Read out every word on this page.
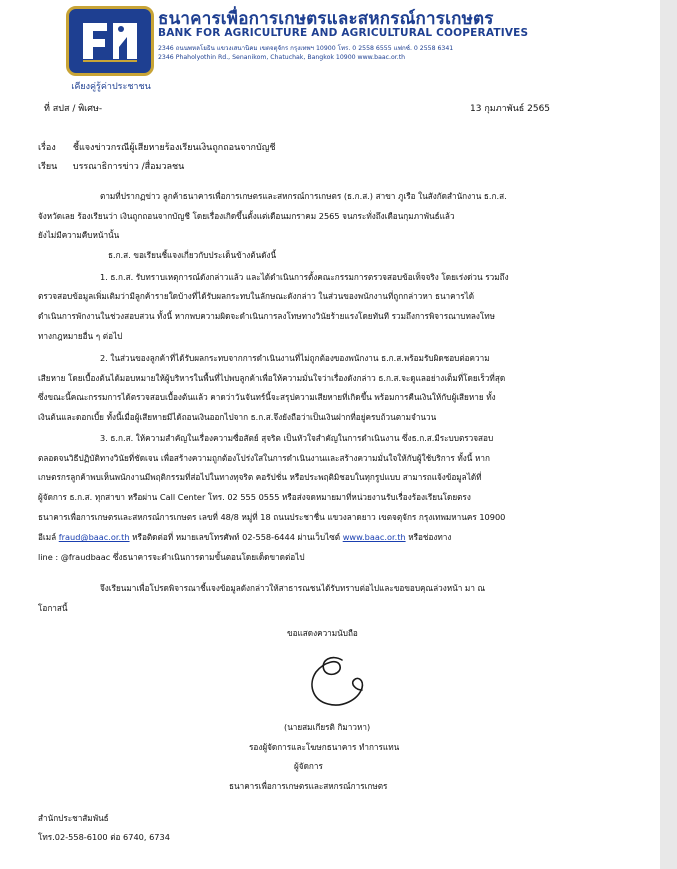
เคียงคู่รู้ค่าประชาชน
ธนาคารเพื่อการเกษตรและสหกรณ์การเกษตร
BANK FOR AGRICULTURE AND AGRICULTURAL COOPERATIVES
2346 ถนนพหลโยธิน แขวงเสนานิคม เขตจตุจักร กรุงเทพฯ 10900 โทร. 0 2558 6555 แฟกซ์. 0 2558 6341
2346 Phaholyothin Rd., Senanikom, Chatuchak, Bangkok 10900 www.baac.or.th
ที่ สปส / พิเศษ-	13 กุมภาพันธ์ 2565
เรื่อง ชี้แจงข่าวกรณีผู้เสียหายร้องเรียนเงินถูกถอนจากบัญชี
เรียน บรรณาธิการข่าว /สื่อมวลชน
ตามที่ปรากฏข่าว ลูกค้าธนาคารเพื่อการเกษตรและสหกรณ์การเกษตร (ธ.ก.ส.) สาขา ภูเรือ ในสังกัดสำนักงาน ธ.ก.ส.
จังหวัดเลย ร้องเรียนว่า เงินถูกถอนจากบัญชี โดยเรื่องเกิดขึ้นตั้งแต่เดือนมกราคม 2565 จนกระทั่งถึงเดือนกุมภาพันธ์แล้ว
ยังไม่มีความคืบหน้านั้น
ธ.ก.ส. ขอเรียนชี้แจงเกี่ยวกับประเด็นข้างต้นดังนี้
1. ธ.ก.ส. รับทราบเหตุการณ์ดังกล่าวแล้ว และได้ดำเนินการตั้งคณะกรรมการตรวจสอบข้อเท็จจริง โดยเร่งด่วน รวมถึง
ตรวจสอบข้อมูลเพิ่มเติมว่ามีลูกค้ารายใดบ้างที่ได้รับผลกระทบในลักษณะดังกล่าว ในส่วนของพนักงานที่ถูกกล่าวหา ธนาคารได้
ดำเนินการพักงานในช่วงสอบสวน ทั้งนี้ หากพบความผิดจะดำเนินการลงโทษทางวินัยร้ายแรงโดยทันที รวมถึงการพิจารณาบทลงโทษ
ทางกฎหมายอื่น ๆ ต่อไป
2. ในส่วนของลูกค้าที่ได้รับผลกระทบจากการดำเนินงานที่ไม่ถูกต้องของพนักงาน ธ.ก.ส.พร้อมรับผิดชอบต่อความ
เสียหาย โดยเบื้องต้นได้มอบหมายให้ผู้บริหารในพื้นที่ไปพบลูกค้าเพื่อให้ความมั่นใจว่าเรื่องดังกล่าว ธ.ก.ส.จะดูแลอย่างเต็มที่โดยเร็วที่สุด
ซึ่งขณะนี้คณะกรรมการได้ตรวจสอบเบื้องต้นแล้ว คาดว่าวันจันทร์นี้จะสรุปความเสียหายที่เกิดขึ้น พร้อมการคืนเงินให้กับผู้เสียหาย ทั้ง
เงินต้นและดอกเบี้ย ทั้งนี้เมื่อผู้เสียหายมีได้ถอนเงินออกไปจาก ธ.ก.ส.จึงยังถือว่าเป็นเงินฝากที่อยู่ครบถ้วนตามจำนวน
3. ธ.ก.ส. ให้ความสำคัญในเรื่องความซื่อสัตย์ สุจริต เป็นหัวใจสำคัญในการดำเนินงาน ซึ่งธ.ก.ส.มีระบบตรวจสอบ
ตลอดจนวิธีปฏิบัติทางวินัยที่ชัดเจน เพื่อสร้างความถูกต้องโปร่งใสในการดำเนินงานและสร้างความมั่นใจให้กับผู้ใช้บริการ ทั้งนี้ หาก
เกษตรกรลูกค้าพบเห็นพนักงานมีพฤติกรรมที่ส่อไปในทางทุจริต คอรัปชั่น หรือประพฤติมิชอบในทุกรูปแบบ สามารถแจ้งข้อมูลได้ที่
ผู้จัดการ ธ.ก.ส. ทุกสาขา หรือผ่าน Call Center โทร. 02 555 0555 หรือส่งจดหมายมาที่หน่วยงานรับเรื่องร้องเรียนโดยตรง
ธนาคารเพื่อการเกษตรและสหกรณ์การเกษตร เลขที่ 48/8 หมู่ที่ 18 ถนนประชาชื่น แขวงลาดยาว เขตจตุจักร กรุงเทพมหานคร 10900
อีเมล์ fraud@baac.or.th หรือติดต่อที่ หมายเลขโทรศัพท์ 02-558-6444 ผ่านเว็บไซต์ www.baac.or.th หรือช่องทาง
line : @fraudbaac ซึ่งธนาคารจะดำเนินการตามขั้นตอนโดยเด็ดขาดต่อไป
จึงเรียนมาเพื่อโปรดพิจารณาชี้แจงข้อมูลดังกล่าวให้สาธารณชนได้รับทราบต่อไปและขอขอบคุณล่วงหน้า มา ณ
โอกาสนี้
ขอแสดงความนับถือ
(นายสมเกียรติ กิมาวหา)
รองผู้จัดการและโฆษกธนาคาร ทำการแทน
ผู้จัดการ
ธนาคารเพื่อการเกษตรและสหกรณ์การเกษตร
สำนักประชาสัมพันธ์
โทร.02-558-6100 ต่อ 6740, 6734
